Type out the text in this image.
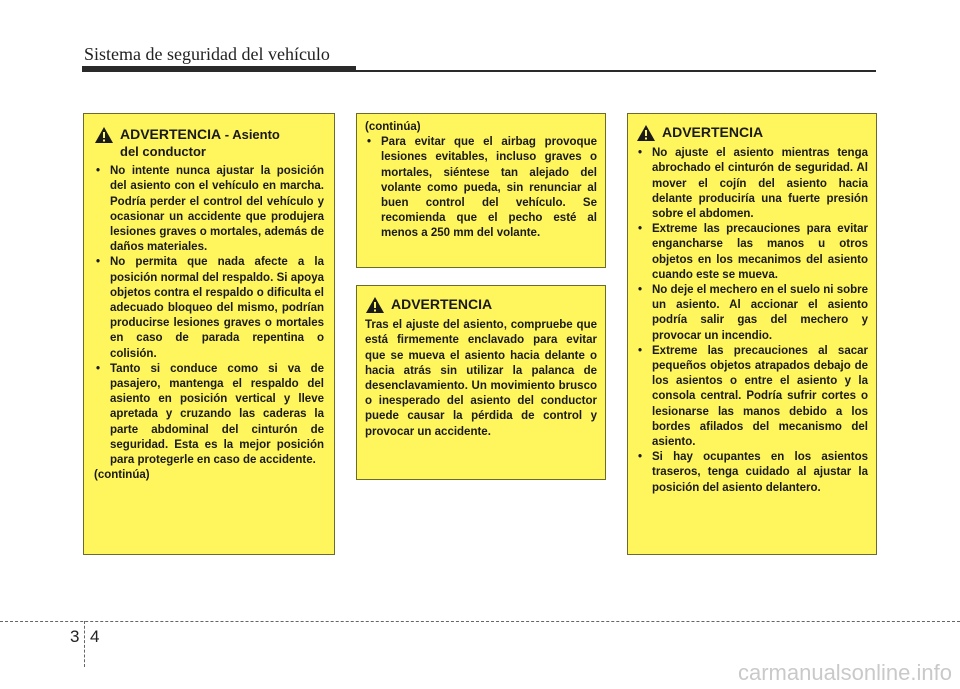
Sistema de seguridad del vehículo
ADVERTENCIA - Asiento
del conductor

• No intente nunca ajustar la posición del asiento con el vehículo en marcha. Podría perder el control del vehículo y ocasionar un accidente que produjera lesiones graves o mortales, además de daños materiales.

• No permita que nada afecte a la posición normal del respaldo. Si apoya objetos contra el respaldo o dificulta el adecuado bloqueo del mismo, podrían producirse lesiones graves o mortales en caso de parada repentina o colisión.

• Tanto si conduce como si va de pasajero, mantenga el respaldo del asiento en posición vertical y lleve apretada y cruzando las caderas la parte abdominal del cinturón de seguridad. Esta es la mejor posición para protegerle en caso de accidente.

(continúa)

(continúa)

• Para evitar que el airbag provoque lesiones evitables, incluso graves o mortales, siéntese tan alejado del volante como pueda, sin renunciar al buen control del vehículo. Se recomienda que el pecho esté al menos a 250 mm del volante.

ADVERTENCIA

Tras el ajuste del asiento, compruebe que está firmemente enclavado para evitar que se mueva el asiento hacia delante o hacia atrás sin utilizar la palanca de desenclavamiento. Un movimiento brusco o inesperado del asiento del conductor puede causar la pérdida de control y provocar un accidente.

ADVERTENCIA

• No ajuste el asiento mientras tenga abrochado el cinturón de seguridad. Al mover el cojín del asiento hacia delante produciría una fuerte presión sobre el abdomen.

• Extreme las precauciones para evitar engancharse las manos u otros objetos en los mecanimos del asiento cuando este se mueva.

• No deje el mechero en el suelo ni sobre un asiento. Al accionar el asiento podría salir gas del mechero y provocar un incendio.

• Extreme las precauciones al sacar pequeños objetos atrapados debajo de los asientos o entre el asiento y la consola central. Podría sufrir cortes o lesionarse las manos debido a los bordes afilados del mecanismo del asiento.

• Si hay ocupantes en los asientos traseros, tenga cuidado al ajustar la posición del asiento delantero.

3 4
carmanualsonline.info
